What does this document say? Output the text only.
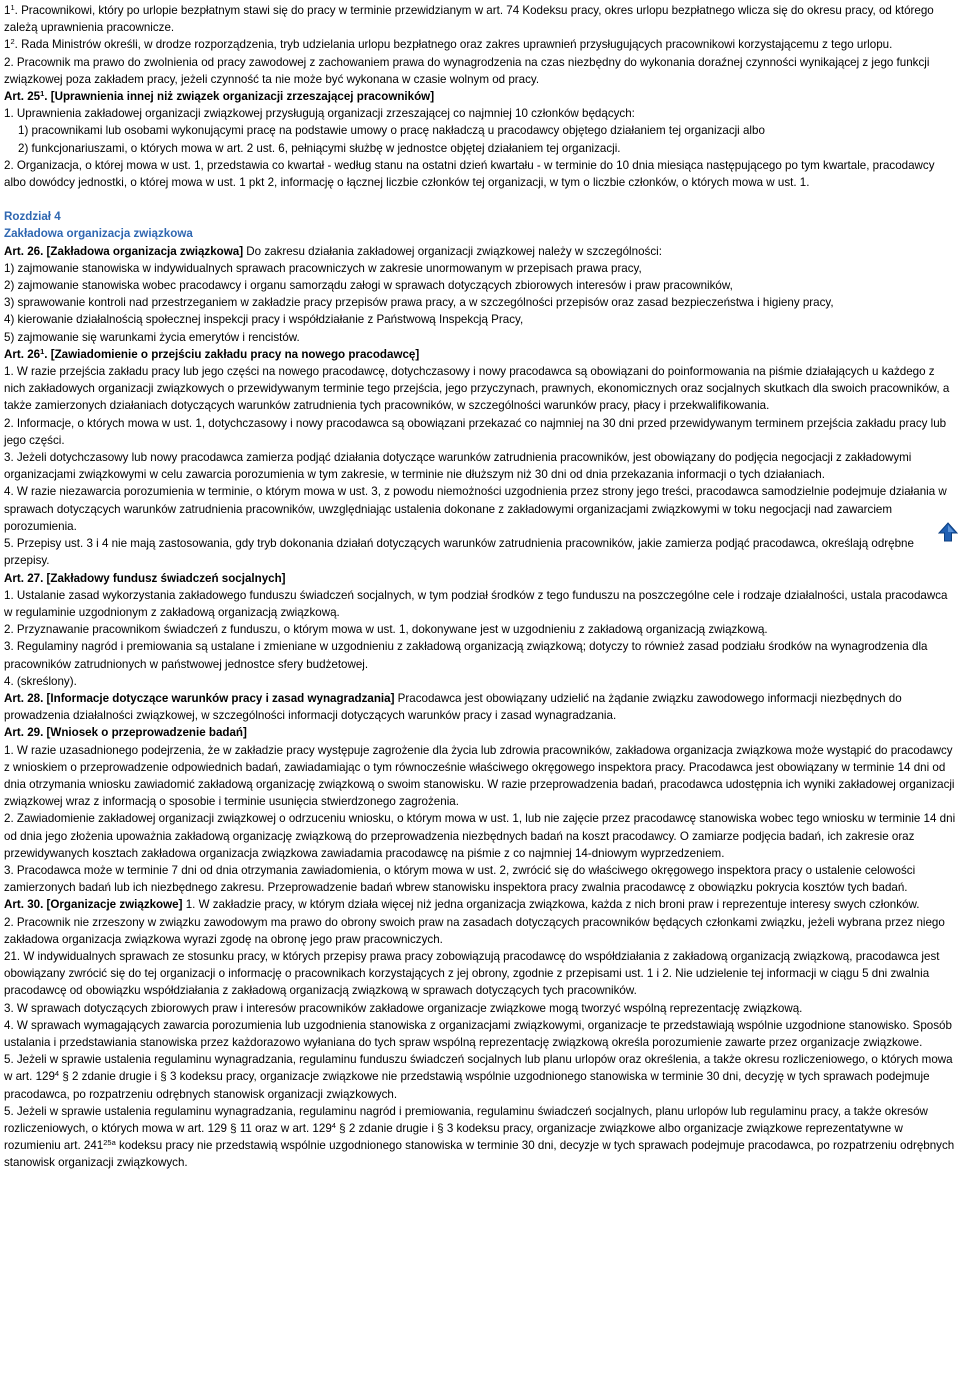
$1^1$. Pracownikowi, który po urlopie bezpłatnym stawi się do pracy w terminie przewidzianym w art. 74 Kodeksu pracy, okres urlopu bezpłatnego wlicza się do okresu pracy, od którego zależą uprawnienia pracownicze.

$1^2$. Rada Ministrów określi, w drodze rozporządzenia, tryb udzielania urlopu bezpłatnego oraz zakres uprawnień przysługujących pracownikowi korzystającemu z tego urlopu.

2. Pracownik ma prawo do zwolnienia od pracy zawodowej z zachowaniem prawa do wynagrodzenia na czas niezbędny do wykonania doraźnej czynności wynikającej z jego funkcji związkowej poza zakładem pracy, jeżeli czynność ta nie może być wykonana w czasie wolnym od pracy.

Art. $25^1$. [Uprawnienia innej niż związek organizacji zrzeszającej pracowników]

1. Uprawnienia zakładowej organizacji związkowej przysługują organizacji zrzeszającej co najmniej 10 członków będących:

1) pracownikami lub osobami wykonującymi pracę na podstawie umowy o pracę nakładczą u pracodawcy objętego działaniem tej organizacji albo

2) funkcjonariuszami, o których mowa w art. 2 ust. 6, pełniącymi służbę w jednostce objętej działaniem tej organizacji.

2. Organizacja, o której mowa w ust. 1, przedstawia co kwartał - według stanu na ostatni dzień kwartału - w terminie do 10 dnia miesiąca następującego po tym kwartale, pracodawcy albo dowódcy jednostki, o której mowa w ust. 1 pkt 2, informację o łącznej liczbie członków tej organizacji, w tym o liczbie członków, o których mowa w ust. 1.

Rozdział 4

Zakładowa organizacja związkowa

Art. 26. [Zakładowa organizacja związkowa] Do zakresu działania zakładowej organizacji związkowej należy w szczególności:

1) zajmowanie stanowiska w indywidualnych sprawach pracowniczych w zakresie unormowanym w przepisach prawa pracy,

2) zajmowanie stanowiska wobec pracodawcy i organu samorządu załogi w sprawach dotyczących zbiorowych interesów i praw pracowników,

3) sprawowanie kontroli nad przestrzeganiem w zakładzie pracy przepisów prawa pracy, a w szczególności przepisów oraz zasad bezpieczeństwa i higieny pracy,

4) kierowanie działalnością społecznej inspekcji pracy i współdziałanie z Państwową Inspekcją Pracy,

5) zajmowanie się warunkami życia emerytów i rencistów.

Art. $26^1$. [Zawiadomienie o przejściu zakładu pracy na nowego pracodawcę]

1. W razie przejścia zakładu pracy lub jego części na nowego pracodawcę, dotychczasowy i nowy pracodawca są obowiązani do poinformowania na piśmie działających u każdego z nich zakładowych organizacji związkowych o przewidywanym terminie tego przejścia, jego przyczynach, prawnych, ekonomicznych oraz socjalnych skutkach dla swoich pracowników, a także zamierzonych działaniach dotyczących warunków zatrudnienia tych pracowników, w szczególności warunków pracy, płacy i przekwalifikowania.

2. Informacje, o których mowa w ust. 1, dotychczasowy i nowy pracodawca są obowiązani przekazać co najmniej na 30 dni przed przewidywanym terminem przejścia zakładu pracy lub jego części.

3. Jeżeli dotychczasowy lub nowy pracodawca zamierza podjąć działania dotyczące warunków zatrudnienia pracowników, jest obowiązany do podjęcia negocjacji z zakładowymi organizacjami związkowymi w celu zawarcia porozumienia w tym zakresie, w terminie nie dłuższym niż 30 dni od dnia przekazania informacji o tych działaniach.

4. W razie niezawarcia porozumienia w terminie, o którym mowa w ust. 3, z powodu niemożności uzgodnienia przez strony jego treści, pracodawca samodzielnie podejmuje działania w sprawach dotyczących warunków zatrudnienia pracowników, uwzględniając ustalenia dokonane z zakładowymi organizacjami związkowymi w toku negocjacji nad zawarciem porozumienia.

5. Przepisy ust. 3 i 4 nie mają zastosowania, gdy tryb dokonania działań dotyczących warunków zatrudnienia pracowników, jakie zamierza podjąć pracodawca, określają odrębne przepisy.

Art. 27. [Zakładowy fundusz świadczeń socjalnych]

1. Ustalanie zasad wykorzystania zakładowego funduszu świadczeń socjalnych, w tym podział środków z tego funduszu na poszczególne cele i rodzaje działalności, ustala pracodawca w regulaminie uzgodnionym z zakładową organizacją związkową.

2. Przyznawanie pracownikom świadczeń z funduszu, o którym mowa w ust. 1, dokonywane jest w uzgodnieniu z zakładową organizacją związkową.

3. Regulaminy nagród i premiowania są ustalane i zmieniane w uzgodnieniu z zakładową organizacją związkową; dotyczy to również zasad podziału środków na wynagrodzenia dla pracowników zatrudnionych w państwowej jednostce sfery budżetowej.

4. (skreślony).

Art. 28. [Informacje dotyczące warunków pracy i zasad wynagradzania] Pracodawca jest obowiązany udzielić na żądanie związku zawodowego informacji niezbędnych do prowadzenia działalności związkowej, w szczególności informacji dotyczących warunków pracy i zasad wynagradzania.

Art. 29. [Wniosek o przeprowadzenie badań]

1. W razie uzasadnionego podejrzenia, że w zakładzie pracy występuje zagrożenie dla życia lub zdrowia pracowników, zakładowa organizacja związkowa może wystąpić do pracodawcy z wnioskiem o przeprowadzenie odpowiednich badań, zawiadamiając o tym równocześnie właściwego okręgowego inspektora pracy. Pracodawca jest obowiązany w terminie 14 dni od dnia otrzymania wniosku zawiadomić zakładową organizację związkową o swoim stanowisku. W razie przeprowadzenia badań, pracodawca udostępnia ich wyniki zakładowej organizacji związkowej wraz z informacją o sposobie i terminie usunięcia stwierdzonego zagrożenia.

2. Zawiadomienie zakładowej organizacji związkowej o odrzuceniu wniosku, o którym mowa w ust. 1, lub nie zajęcie przez pracodawcę stanowiska wobec tego wniosku w terminie 14 dni od dnia jego złożenia upoważnia zakładową organizację związkową do przeprowadzenia niezbędnych badań na koszt pracodawcy. O zamiarze podjęcia badań, ich zakresie oraz przewidywanych kosztach zakładowa organizacja związkowa zawiadamia pracodawcę na piśmie z co najmniej 14-dniowym wyprzedzeniem.

3. Pracodawca może w terminie 7 dni od dnia otrzymania zawiadomienia, o którym mowa w ust. 2, zwrócić się do właściwego okręgowego inspektora pracy o ustalenie celowości zamierzonych badań lub ich niezbędnego zakresu. Przeprowadzenie badań wbrew stanowisku inspektora pracy zwalnia pracodawcę z obowiązku pokrycia kosztów tych badań.

Art. 30. [Organizacje związkowe] 1. W zakładzie pracy, w którym działa więcej niż jedna organizacja związkowa, każda z nich broni praw i reprezentuje interesy swych członków.

2. Pracownik nie zrzeszony w związku zawodowym ma prawo do obrony swoich praw na zasadach dotyczących pracowników będących członkami związku, jeżeli wybrana przez niego zakładowa organizacja związkowa wyrazi zgodę na obronę jego praw pracowniczych.

21. W indywidualnych sprawach ze stosunku pracy, w których przepisy prawa pracy zobowiązują pracodawcę do współdziałania z zakładową organizacją związkową, pracodawca jest obowiązany zwrócić się do tej organizacji o informację o pracownikach korzystających z jej obrony, zgodnie z przepisami ust. 1 i 2. Nie udzielenie tej informacji w ciągu 5 dni zwalnia pracodawcę od obowiązku współdziałania z zakładową organizacją związkową w sprawach dotyczących tych pracowników.

3. W sprawach dotyczących zbiorowych praw i interesów pracowników zakładowe organizacje związkowe mogą tworzyć wspólną reprezentację związkową.

4. W sprawach wymagających zawarcia porozumienia lub uzgodnienia stanowiska z organizacjami związkowymi, organizacje te przedstawiają wspólnie uzgodnione stanowisko. Sposób ustalania i przedstawiania stanowiska przez każdorazowo wyłaniana do tych spraw wspólną reprezentację związkową określa porozumienie zawarte przez organizacje związkowe.

5. Jeżeli w sprawie ustalenia regulaminu wynagradzania, regulaminu funduszu świadczeń socjalnych lub planu urlopów oraz określenia, a także okresu rozliczeniowego, o których mowa w art. $129^4$ § 2 zdanie drugie i § 3 kodeksu pracy, organizacje związkowe nie przedstawią wspólnie uzgodnionego stanowiska w terminie 30 dni, decyzję w tych sprawach podejmuje pracodawca, po rozpatrzeniu odrębnych stanowisk organizacji związkowych.

5. Jeżeli w sprawie ustalenia regulaminu wynagradzania, regulaminu nagród i premiowania, regulaminu świadczeń socjalnych, planu urlopów lub regulaminu pracy, a także okresów rozliczeniowych, o których mowa w art. 129 § 11 oraz w art. $129^4$ § 2 zdanie drugie i § 3 kodeksu pracy, organizacje związkowe albo organizacje związkowe reprezentatywne w rozumieniu art. $241^{25a}$ kodeksu pracy nie przedstawią wspólnie uzgodnionego stanowiska w terminie 30 dni, decyzje w tych sprawach podejmuje pracodawca, po rozpatrzeniu odrębnych stanowisk organizacji związkowych.
